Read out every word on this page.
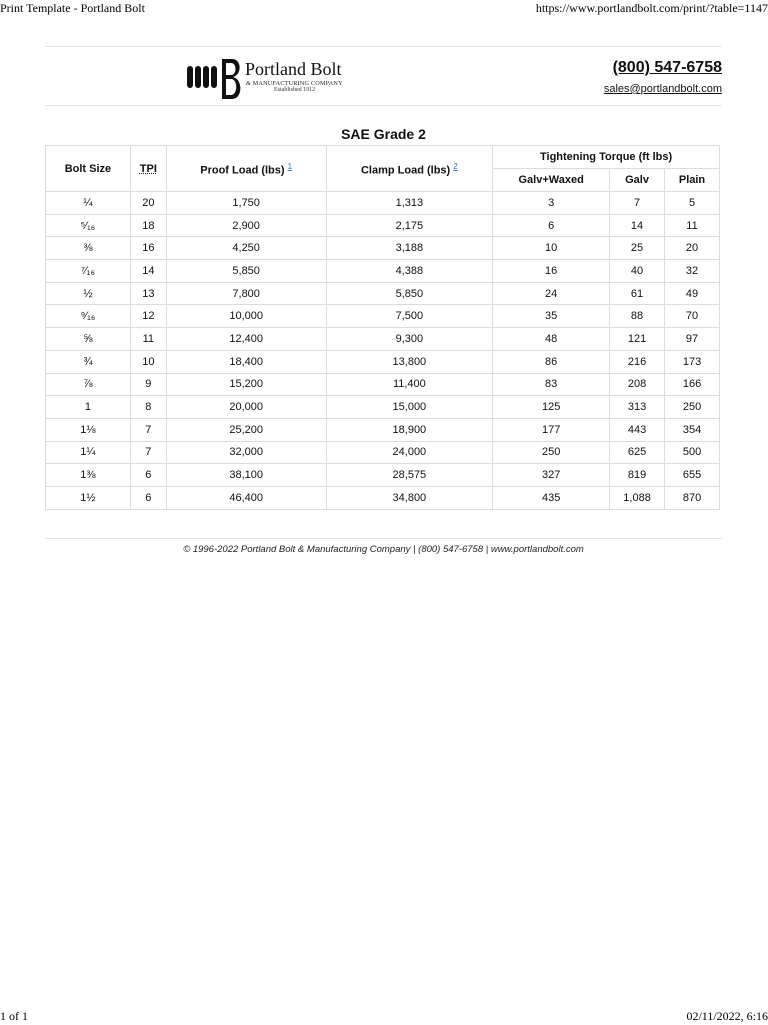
Print Template - Portland Bolt	https://www.portlandbolt.com/print/?table=1147
Portland Bolt
& MANUFACTURING COMPANY
Established 1912
(800) 547-6758
sales@portlandbolt.com
SAE Grade 2
Bolt Size	TPI	Proof Load (lbs) $^1$	Clamp Load (lbs) $^2$	Tightening Torque (ft lbs)		
				Galv+Waxed	Galv	Plain
¼	20	1,750	1,313	3	7	5
⁵⁄₁₆	18	2,900	2,175	6	14	11
⅜	16	4,250	3,188	10	25	20
⁷⁄₁₆	14	5,850	4,388	16	40	32
½	13	7,800	5,850	24	61	49
⁹⁄₁₆	12	10,000	7,500	35	88	70
⅝	11	12,400	9,300	48	121	97
¾	10	18,400	13,800	86	216	173
⅞	9	15,200	11,400	83	208	166
1	8	20,000	15,000	125	313	250
1⅛	7	25,200	18,900	177	443	354
1¼	7	32,000	24,000	250	625	500
1⅜	6	38,100	28,575	327	819	655
1½	6	46,400	34,800	435	1,088	870
© 1996-2022 Portland Bolt & Manufacturing Company | (800) 547-6758 | www.portlandbolt.com
1 of 1	02/11/2022, 6:16
